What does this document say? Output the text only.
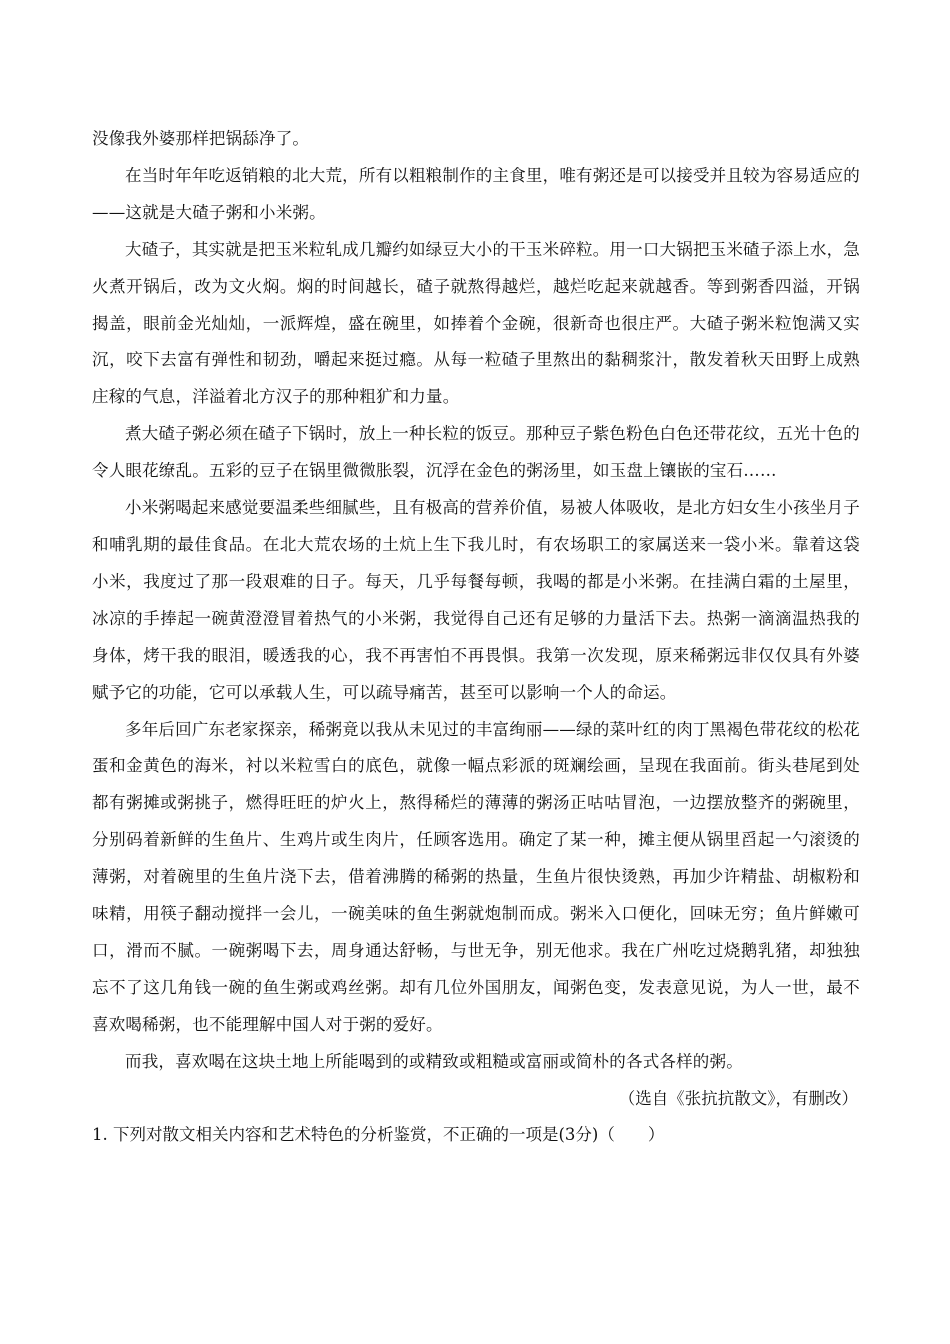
没像我外婆那样把锅舔净了。

在当时年年吃返销粮的北大荒，所有以粗粮制作的主食里，唯有粥还是可以接受并且较为容易适应的——这就是大碴子粥和小米粥。

大碴子，其实就是把玉米粒轧成几瓣约如绿豆大小的干玉米碎粒。用一口大锅把玉米碴子添上水，急火煮开锅后，改为文火焖。焖的时间越长，碴子就熬得越烂，越烂吃起来就越香。等到粥香四溢，开锅揭盖，眼前金光灿灿，一派辉煌，盛在碗里，如捧着个金碗，很新奇也很庄严。大碴子粥米粒饱满又实沉，咬下去富有弹性和韧劲，嚼起来挺过瘾。从每一粒碴子里熬出的黏稠浆汁，散发着秋天田野上成熟庄稼的气息，洋溢着北方汉子的那种粗犷和力量。

煮大碴子粥必须在碴子下锅时，放上一种长粒的饭豆。那种豆子紫色粉色白色还带花纹，五光十色的令人眼花缭乱。五彩的豆子在锅里微微胀裂，沉浮在金色的粥汤里，如玉盘上镶嵌的宝石……

小米粥喝起来感觉要温柔些细腻些，且有极高的营养价值，易被人体吸收，是北方妇女生小孩坐月子和哺乳期的最佳食品。在北大荒农场的土炕上生下我儿时，有农场职工的家属送来一袋小米。靠着这袋小米，我度过了那一段艰难的日子。每天，几乎每餐每顿，我喝的都是小米粥。在挂满白霜的土屋里，冰凉的手捧起一碗黄澄澄冒着热气的小米粥，我觉得自己还有足够的力量活下去。热粥一滴滴温热我的身体，烤干我的眼泪，暖透我的心，我不再害怕不再畏惧。我第一次发现，原来稀粥远非仅仅具有外婆赋予它的功能，它可以承载人生，可以疏导痛苦，甚至可以影响一个人的命运。

多年后回广东老家探亲，稀粥竟以我从未见过的丰富绚丽——绿的菜叶红的肉丁黑褐色带花纹的松花蛋和金黄色的海米，衬以米粒雪白的底色，就像一幅点彩派的斑斓绘画，呈现在我面前。街头巷尾到处都有粥摊或粥挑子，燃得旺旺的炉火上，熬得稀烂的薄薄的粥汤正咕咕冒泡，一边摆放整齐的粥碗里，分别码着新鲜的生鱼片、生鸡片或生肉片，任顾客选用。确定了某一种，摊主便从锅里舀起一勺滚烫的薄粥，对着碗里的生鱼片浇下去，借着沸腾的稀粥的热量，生鱼片很快烫熟，再加少许精盐、胡椒粉和味精，用筷子翻动搅拌一会儿，一碗美味的鱼生粥就炮制而成。粥米入口便化，回味无穷；鱼片鲜嫩可口，滑而不腻。一碗粥喝下去，周身通达舒畅，与世无争，别无他求。我在广州吃过烧鹅乳猪，却独独忘不了这几角钱一碗的鱼生粥或鸡丝粥。却有几位外国朋友，闻粥色变，发表意见说，为人一世，最不喜欢喝稀粥，也不能理解中国人对于粥的爱好。

而我，喜欢喝在这块土地上所能喝到的或精致或粗糙或富丽或简朴的各式各样的粥。

（选自《张抗抗散文》，有删改）

1. 下列对散文相关内容和艺术特色的分析鉴赏，不正确的一项是(3分)（　　）
